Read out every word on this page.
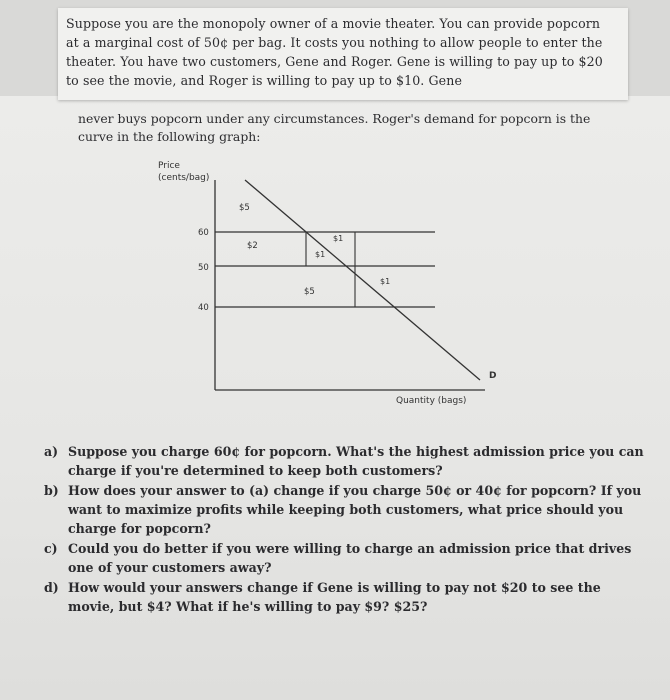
Suppose you are the monopoly owner of a movie theater. You can provide popcorn at a marginal cost of 50¢ per bag. It costs you nothing to allow people to enter the theater. You have two customers, Gene and Roger. Gene is willing to pay up to $20 to see the movie, and Roger is willing to pay up to $10. Gene

never buys popcorn under any circumstances. Roger's demand for popcorn is the curve in the following graph:

Price
(cents/bag)
60
50
40
$5
$2
$1
$1
$1
$5
D
Quantity (bags)
a) Suppose you charge 60¢ for popcorn. What's the highest admission price you can charge if you're determined to keep both customers?
b) How does your answer to (a) change if you charge 50¢ or 40¢ for popcorn? If you want to maximize profits while keeping both customers, what price should you charge for popcorn?
c) Could you do better if you were willing to charge an admission price that drives one of your customers away?
d) How would your answers change if Gene is willing to pay not $20 to see the movie, but $4? What if he's willing to pay $9? $25?
